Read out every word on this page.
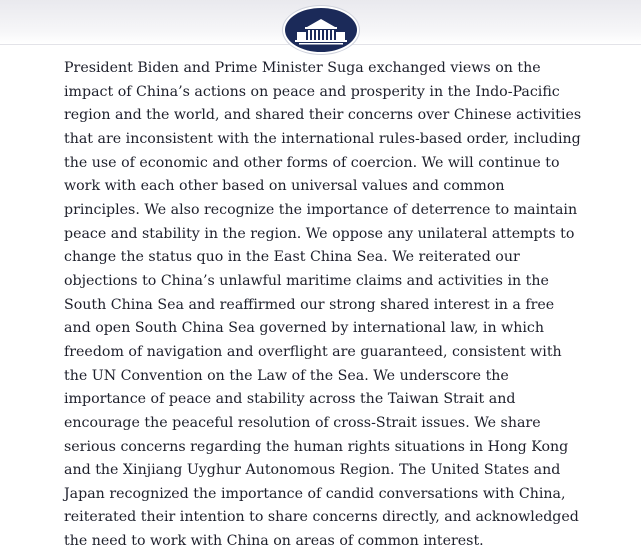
President Biden and Prime Minister Suga exchanged views on the impact of China’s actions on peace and prosperity in the Indo-Pacific region and the world, and shared their concerns over Chinese activities that are inconsistent with the international rules-based order, including the use of economic and other forms of coercion. We will continue to work with each other based on universal values and common principles. We also recognize the importance of deterrence to maintain peace and stability in the region. We oppose any unilateral attempts to change the status quo in the East China Sea. We reiterated our objections to China’s unlawful maritime claims and activities in the South China Sea and reaffirmed our strong shared interest in a free and open South China Sea governed by international law, in which freedom of navigation and overflight are guaranteed, consistent with the UN Convention on the Law of the Sea. We underscore the importance of peace and stability across the Taiwan Strait and encourage the peaceful resolution of cross-Strait issues. We share serious concerns regarding the human rights situations in Hong Kong and the Xinjiang Uyghur Autonomous Region. The United States and Japan recognized the importance of candid conversations with China, reiterated their intention to share concerns directly, and acknowledged the need to work with China on areas of common interest.
